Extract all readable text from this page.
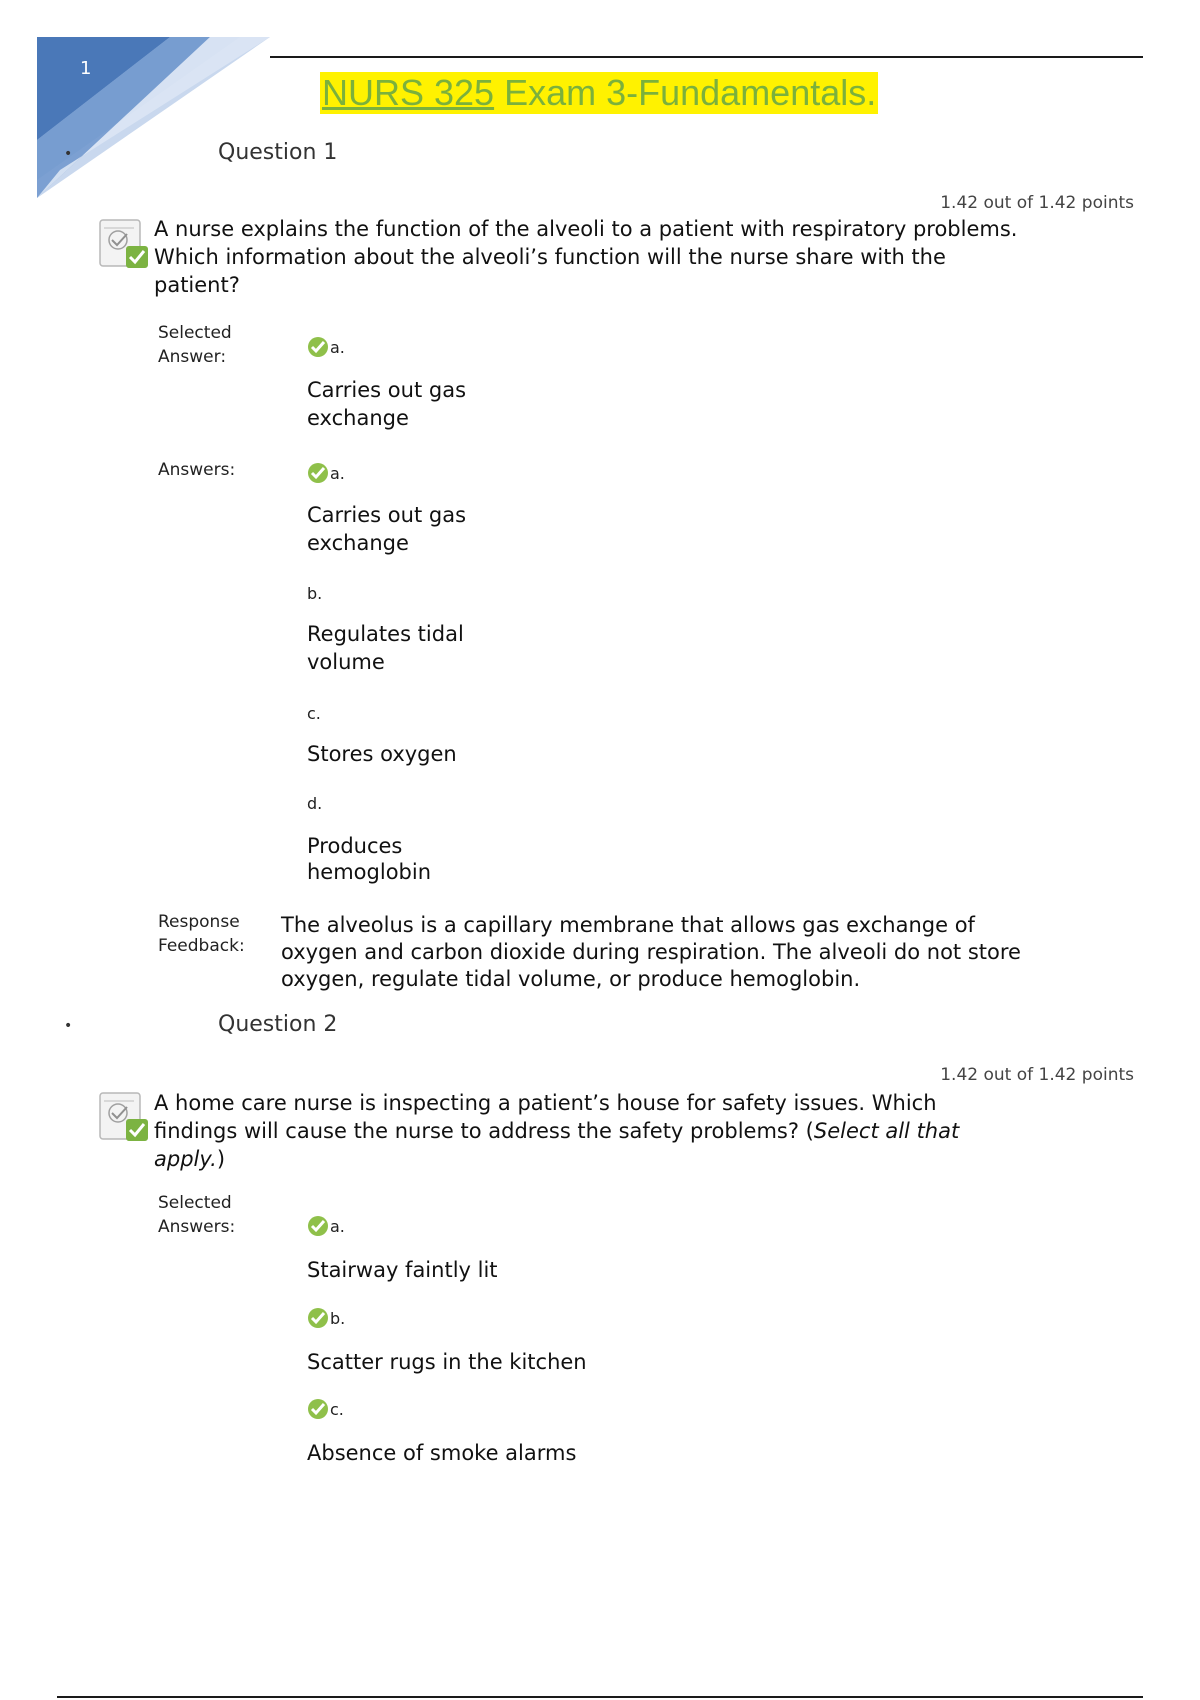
1
NURS 325 Exam 3-Fundamentals.
•	Question 1
1.42 out of 1.42 points
A nurse explains the function of the alveoli to a patient with respiratory problems. Which information about the alveoli’s function will the nurse share with the patient?
Selected Answer:	a.
Carries out gas exchange
Answers:	a.
Carries out gas exchange
b.
Regulates tidal volume
c.
Stores oxygen
d.
Produces hemoglobin
Response Feedback:
The alveolus is a capillary membrane that allows gas exchange of oxygen and carbon dioxide during respiration. The alveoli do not store oxygen, regulate tidal volume, or produce hemoglobin.
•	Question 2
1.42 out of 1.42 points
A home care nurse is inspecting a patient’s house for safety issues. Which findings will cause the nurse to address the safety problems? (Select all that apply.)
Selected Answers:	a.
Stairway faintly lit
b.
Scatter rugs in the kitchen
c.
Absence of smoke alarms
